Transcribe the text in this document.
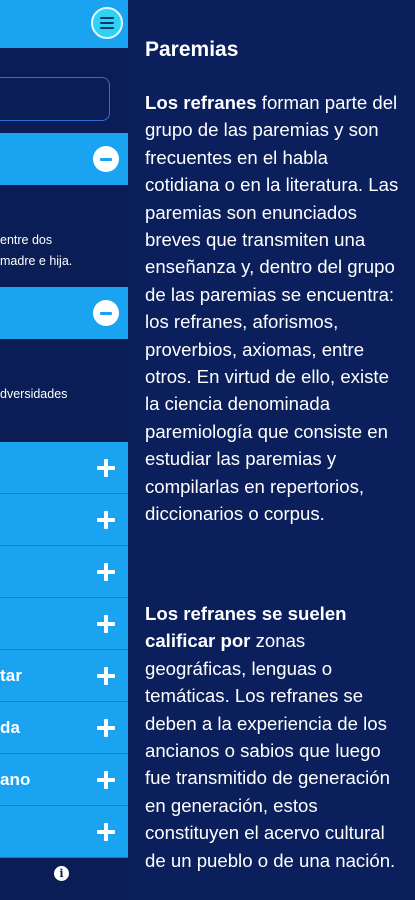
entre dos
madre e hija.
dversidades
tar
da
ano
i
Paremias

Los refranes forman parte del grupo de las paremias y son frecuentes en el habla cotidiana o en la literatura. Las paremias son enunciados breves que transmiten una enseñanza y, dentro del grupo de las paremias se encuentra: los refranes, aforismos, proverbios, axiomas, entre otros. En virtud de ello, existe la ciencia denominada paremiología que consiste en estudiar las paremias y compilarlas en repertorios, diccionarios o corpus.

Los refranes se suelen calificar por zonas geográficas, lenguas o temáticas. Los refranes se deben a la experiencia de los ancianos o sabios que luego fue transmitido de generación en generación, estos constituyen el acervo cultural de un pueblo o de una nación.
